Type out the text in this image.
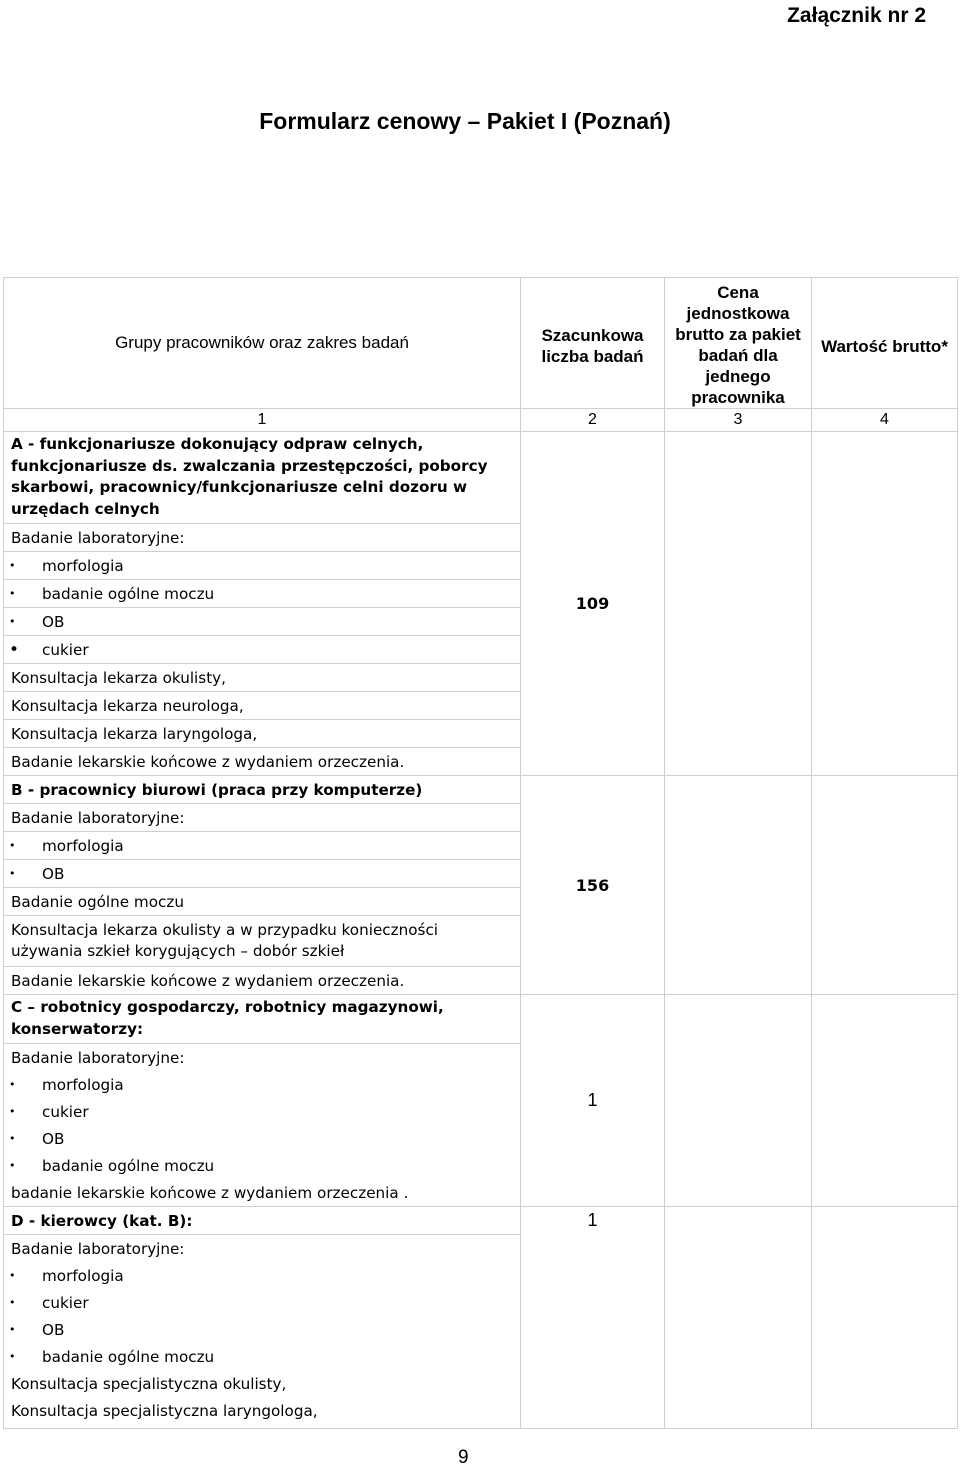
Załącznik nr 2
Formularz cenowy – Pakiet I (Poznań)
Grupy pracowników oraz zakres badań	Szacunkowa liczba badań	Cena jednostkowa brutto za pakiet badań dla jednego pracownika	Wartość brutto*
1	2	3	4
A - funkcjonariusze dokonujący odpraw celnych, funkcjonariusze ds. zwalczania przestępczości, poborcy skarbowi, pracownicy/funkcjonariusze celni dozoru w urzędach celnych	109		
Badanie laboratoryjne:			
• morfologia			
• badanie ogólne moczu			
• OB			
• cukier			
Konsultacja lekarza okulisty,			
Konsultacja lekarza neurologa,			
Konsultacja lekarza laryngologa,			
Badanie lekarskie końcowe z wydaniem orzeczenia.			
B - pracownicy biurowi (praca przy komputerze)	156		
Badanie laboratoryjne:			
• morfologia			
• OB			
Badanie ogólne moczu			
Konsultacja lekarza okulisty a w przypadku konieczności używania szkieł korygujących – dobór szkieł			
Badanie lekarskie końcowe z wydaniem orzeczenia.			
C – robotnicy gospodarczy, robotnicy magazynowi, konserwatorzy:	1		
Badanie laboratoryjne:			
• morfologia			
• cukier			
• OB			
• badanie ogólne moczu			
badanie lekarskie końcowe z wydaniem orzeczenia .			
D - kierowcy (kat. B):	1		
Badanie laboratoryjne:			
• morfologia			
• cukier			
• OB			
• badanie ogólne moczu			
Konsultacja specjalistyczna okulisty,			
Konsultacja specjalistyczna laryngologa,			
9
